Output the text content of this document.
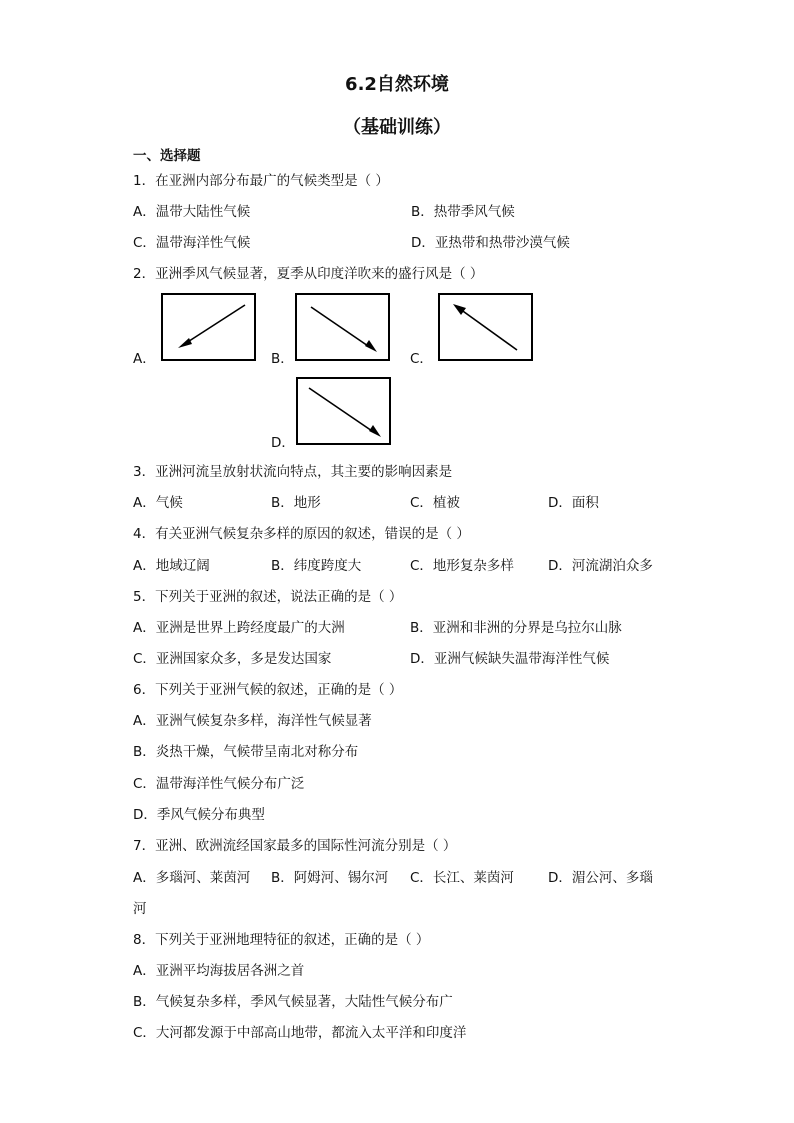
6.2自然环境
（基础训练）
一、选择题
1．在亚洲内部分布最广的气候类型是（ ）
A．温带大陆性气候	B．热带季风气候
C．温带海洋性气候	D．亚热带和热带沙漠气候
2．亚洲季风气候显著，夏季从印度洋吹来的盛行风是（ ）
A．	B．	C．
D．
3．亚洲河流呈放射状流向特点，其主要的影响因素是
A．气候	B．地形	C．植被	D．面积
4．有关亚洲气候复杂多样的原因的叙述，错误的是（ ）
A．地域辽阔	B．纬度跨度大	C．地形复杂多样	D．河流湖泊众多
5．下列关于亚洲的叙述，说法正确的是（ ）
A．亚洲是世界上跨经度最广的大洲	B．亚洲和非洲的分界是乌拉尔山脉
C．亚洲国家众多，多是发达国家	D．亚洲气候缺失温带海洋性气候
6．下列关于亚洲气候的叙述，正确的是（ ）
A．亚洲气候复杂多样，海洋性气候显著
B．炎热干燥，气候带呈南北对称分布
C．温带海洋性气候分布广泛
D．季风气候分布典型
7．亚洲、欧洲流经国家最多的国际性河流分别是（ ）
A．多瑙河、莱茵河 B．阿姆河、锡尔河 C．长江、莱茵河	D．湄公河、多瑙
河
8．下列关于亚洲地理特征的叙述，正确的是（ ）
A．亚洲平均海拔居各洲之首
B．气候复杂多样，季风气候显著，大陆性气候分布广
C．大河都发源于中部高山地带，都流入太平洋和印度洋
